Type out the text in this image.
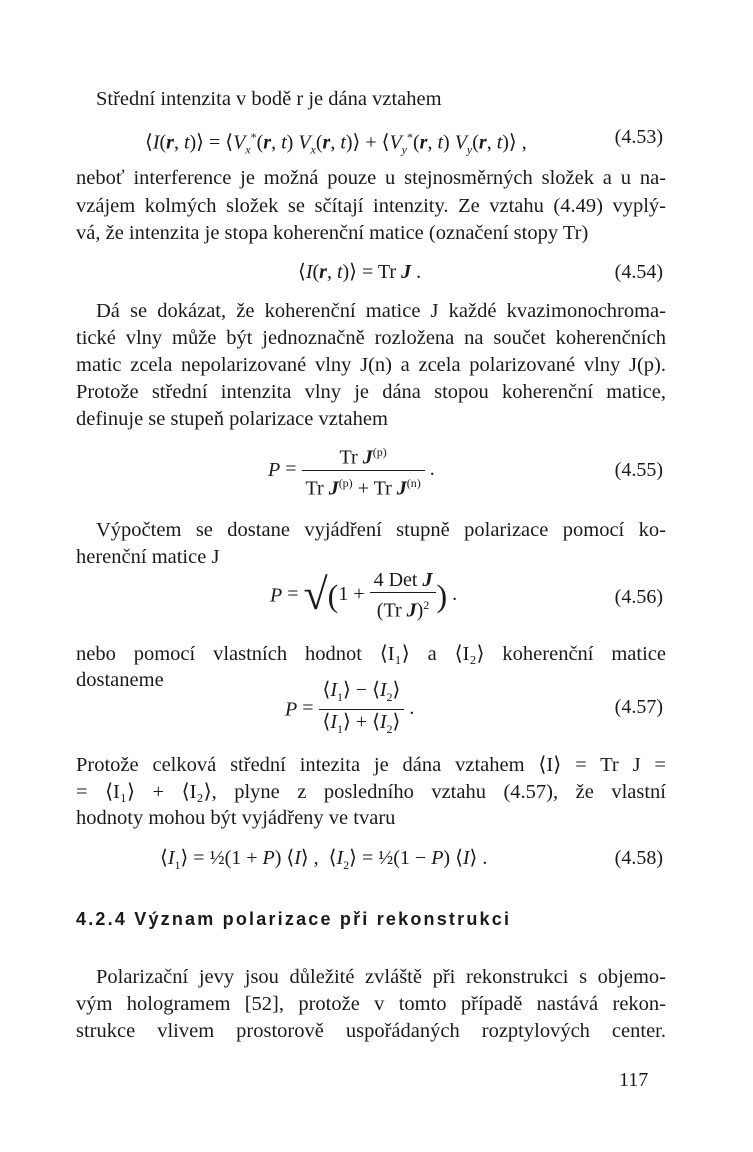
Střední intenzita v bodě r je dána vztahem
⟨I(r, t)⟩ = $⟨V_x^*(r$, t) $V_x(r$, t)⟩ + $⟨V_y^*(r$, t) $V_y(r$, t)⟩ ,	(4.53)
neboť interference je možná pouze u stejnosměrných složek a u na-
vzájem kolmých složek se sčítají intenzity. Ze vztahu (4.49) vyplý-
vá, že intenzita je stopa koherenční matice (označení stopy Tr)
⟨I(r, t)⟩ = Tr J .	(4.54)
Dá se dokázat, že koherenční matice J každé kvazimonochroma-
tické vlny může být jednoznačně rozložena na součet koherenčních
matic zcela nepolarizované vlny J(n) a zcela polarizované vlny J(p).
Protože střední intenzita vlny je dána stopou koherenční matice,
definuje se stupeň polarizace vztahem
$P = \frac{Tr J^{(p)}}{Tr J^{(p)} + Tr J^{(n)}}$ .	(4.55)
Výpočtem se dostane vyjádření stupně polarizace pomocí ko-
herenční matice J
$P = √(1 + \frac{\text{4 Det J}}{(Tr J)^2}$ ) .	(4.56)
nebo pomocí vlastních hodnot ⟨I₁⟩ a ⟨I₂⟩ koherenční matice
dostaneme
$P = \frac{⟨I_1⟩ - ⟨I_2⟩}{⟨I_1⟩ + ⟨I_2⟩}$ .	(4.57)
Protože celková střední intezita je dána vztahem ⟨I⟩ = Tr J =
= ⟨I₁⟩ + ⟨I₂⟩, plyne z posledního vztahu (4.57), že vlastní
hodnoty mohou být vyjádřeny ve tvaru
$⟨I_1⟩$ = ½(1 + P) ⟨I⟩ ,  $⟨I_2⟩$ = ½(1 − P) ⟨I⟩ .	(4.58)
4.2.4 Význam polarizace při rekonstrukci
Polarizační jevy jsou důležité zvláště při rekonstrukci s objemo-
vým hologramem [52], protože v tomto případě nastává rekon-
strukce vlivem prostorově uspořádaných rozptylových center.
117
